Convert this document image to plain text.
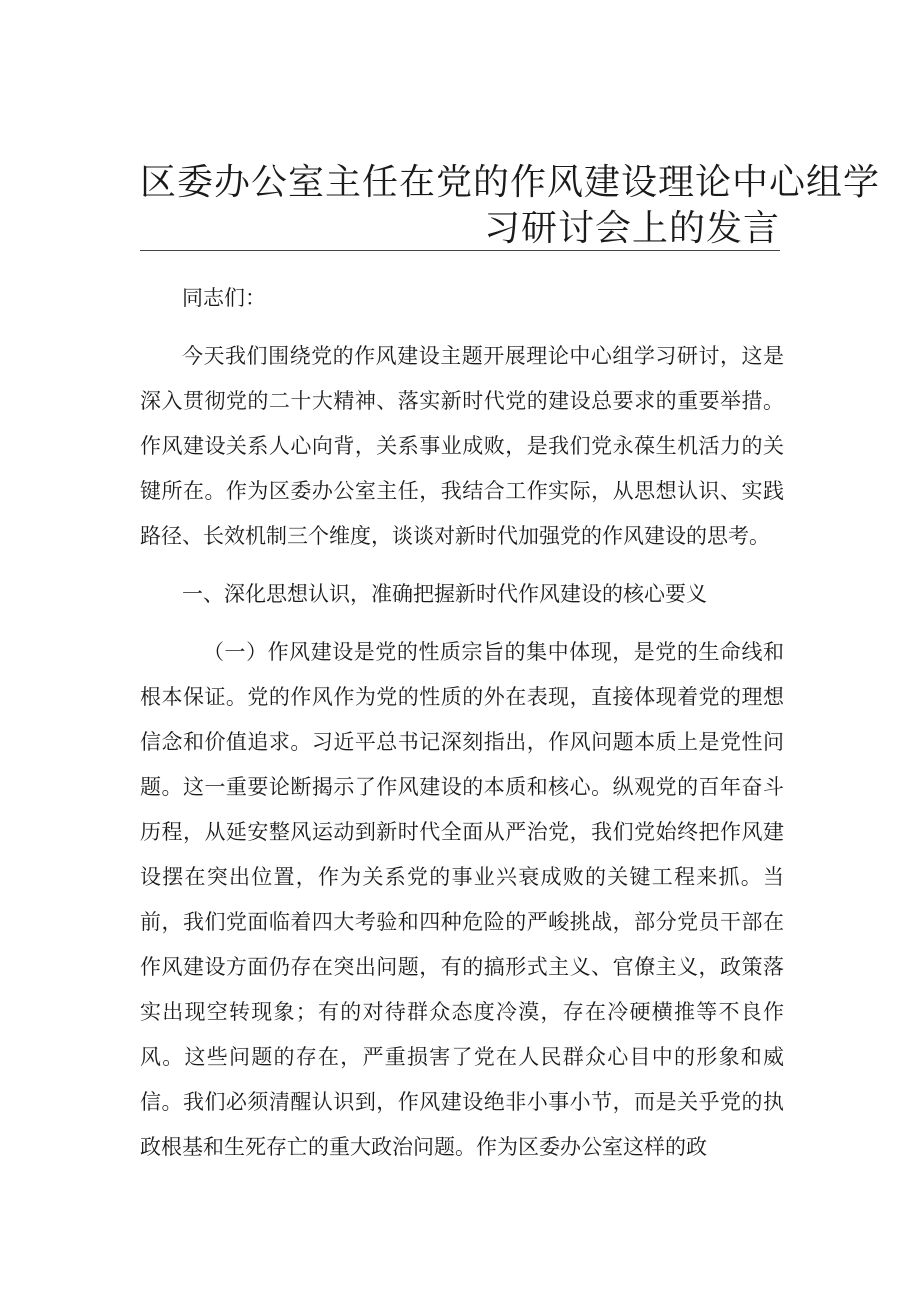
区委办公室主任在党的作风建设理论中心组学
习研讨会上的发言

同志们：

今天我们围绕党的作风建设主题开展理论中心组学习研讨，这是深入贯彻党的二十大精神、落实新时代党的建设总要求的重要举措。作风建设关系人心向背，关系事业成败，是我们党永葆生机活力的关键所在。作为区委办公室主任，我结合工作实际，从思想认识、实践路径、长效机制三个维度，谈谈对新时代加强党的作风建设的思考。

一、深化思想认识，准确把握新时代作风建设的核心要义

（一）作风建设是党的性质宗旨的集中体现，是党的生命线和根本保证。党的作风作为党的性质的外在表现，直接体现着党的理想信念和价值追求。习近平总书记深刻指出，作风问题本质上是党性问题。这一重要论断揭示了作风建设的本质和核心。纵观党的百年奋斗历程，从延安整风运动到新时代全面从严治党，我们党始终把作风建设摆在突出位置，作为关系党的事业兴衰成败的关键工程来抓。当前，我们党面临着四大考验和四种危险的严峻挑战，部分党员干部在作风建设方面仍存在突出问题，有的搞形式主义、官僚主义，政策落实出现空转现象；有的对待群众态度冷漠，存在冷硬横推等不良作风。这些问题的存在，严重损害了党在人民群众心目中的形象和威信。我们必须清醒认识到，作风建设绝非小事小节，而是关乎党的执政根基和生死存亡的重大政治问题。作为区委办公室这样的政
